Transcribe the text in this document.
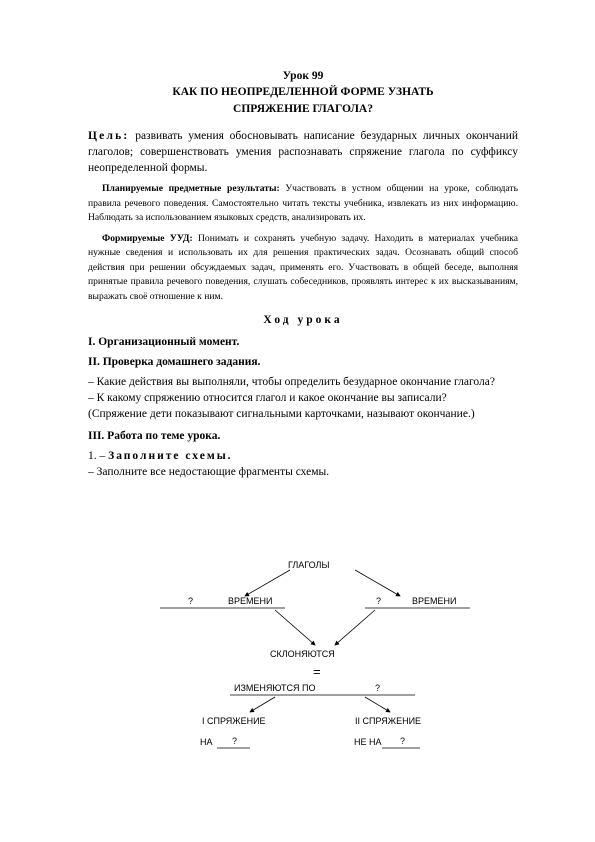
Урок 99
КАК ПО НЕОПРЕДЕЛЕННОЙ ФОРМЕ УЗНАТЬ
СПРЯЖЕНИЕ ГЛАГОЛА?
Цель: развивать умения обосновывать написание безударных личных окончаний глаголов; совершенствовать умения распознавать спряжение глагола по суффиксу неопределенной формы.
Планируемые предметные результаты: Участвовать в устном общении на уроке, соблюдать правила речевого поведения. Самостоятельно читать тексты учебника, извлекать из них информацию. Наблюдать за использованием языковых средств, анализировать их.
Формируемые УУД: Понимать и сохранять учебную задачу. Находить в материалах учебника нужные сведения и использовать их для решения практических задач. Осознавать общий способ действия при решении обсуждаемых задач, применять его. Участвовать в общей беседе, выполняя принятые правила речевого поведения, слушать собеседников, проявлять интерес к их высказываниям, выражать своё отношение к ним.
Ход урока
I. Организационный момент.
II. Проверка домашнего задания.
– Какие действия вы выполняли, чтобы определить безударное окончание глагола?
– К какому спряжению относится глагол и какое окончание вы записали?
(Спряжение дети показывают сигнальными карточками, называют окончание.)
III. Работа по теме урока.
1. – Заполните схемы.
– Заполните все недостающие фрагменты схемы.
ГЛАГОЛЫ
?	ВРЕМЕНИ	?	ВРЕМЕНИ
СКЛОНЯЮТСЯ
=
ИЗМЕНЯЮТСЯ ПО	?
I СПРЯЖЕНИЕ	II СПРЯЖЕНИЕ
НА ?	НЕ НА ?
